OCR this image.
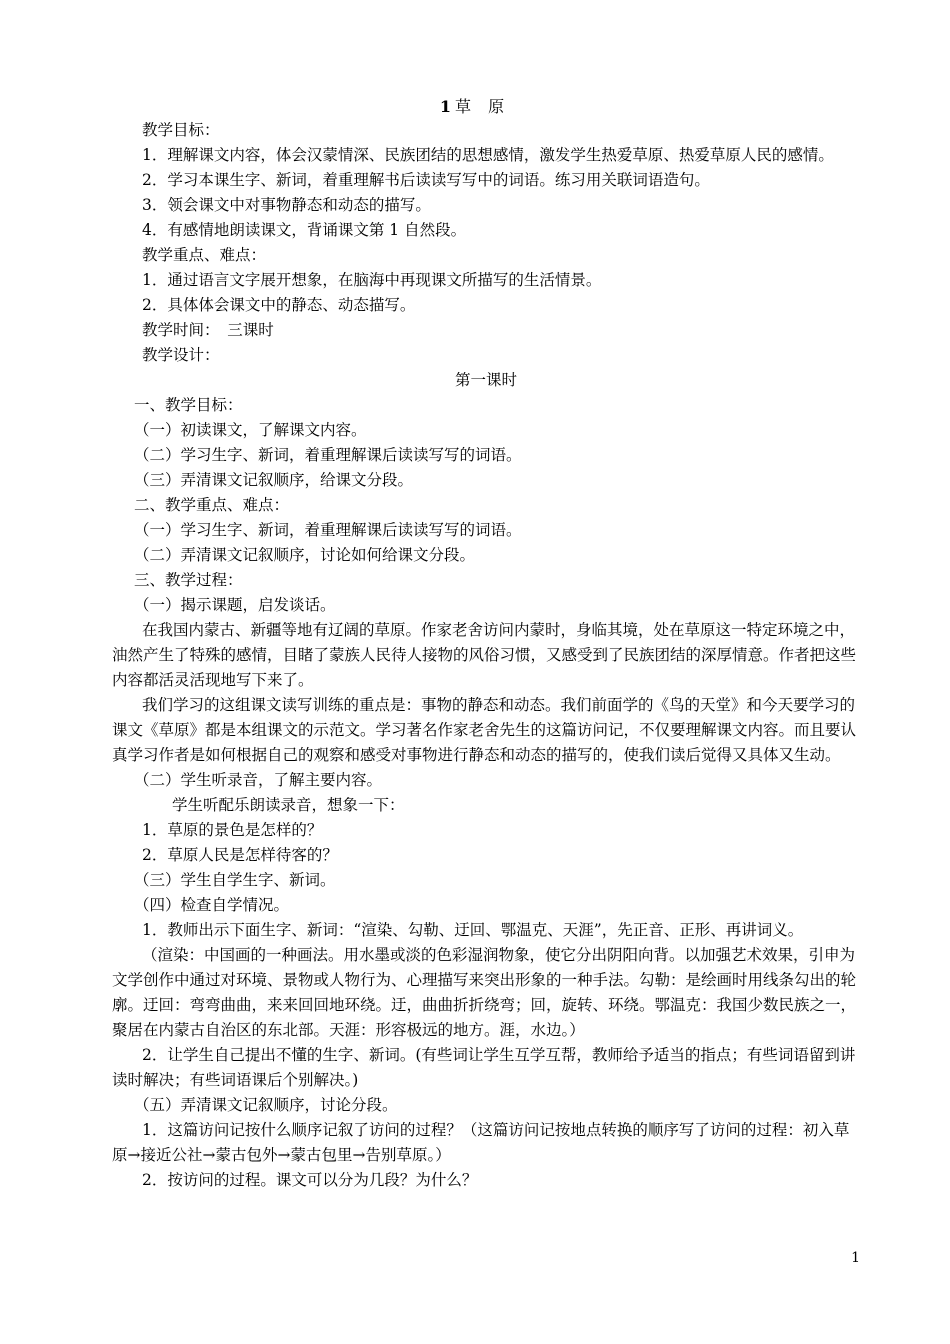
1 草 原

教学目标：

1．理解课文内容，体会汉蒙情深、民族团结的思想感情，激发学生热爱草原、热爱草原人民的感情。

2．学习本课生字、新词，着重理解书后读读写写中的词语。练习用关联词语造句。

3．领会课文中对事物静态和动态的描写。

4．有感情地朗读课文，背诵课文第 1 自然段。

教学重点、难点：

1．通过语言文字展开想象，在脑海中再现课文所描写的生活情景。

2．具体体会课文中的静态、动态描写。

教学时间：　三课时

教学设计：

第一课时

一、教学目标：

（一）初读课文，了解课文内容。

（二）学习生字、新词，着重理解课后读读写写的词语。

（三）弄清课文记叙顺序，给课文分段。

二、教学重点、难点：

（一）学习生字、新词，着重理解课后读读写写的词语。

（二）弄清课文记叙顺序，讨论如何给课文分段。

三、教学过程：

（一）揭示课题，启发谈话。

在我国内蒙古、新疆等地有辽阔的草原。作家老舍访问内蒙时，身临其境，处在草原这一特定环境之中，油然产生了特殊的感情，目睹了蒙族人民待人接物的风俗习惯，又感受到了民族团结的深厚情意。作者把这些内容都活灵活现地写下来了。

我们学习的这组课文读写训练的重点是：事物的静态和动态。我们前面学的《鸟的天堂》和今天要学习的课文《草原》都是本组课文的示范文。学习著名作家老舍先生的这篇访问记，不仅要理解课文内容。而且要认真学习作者是如何根据自己的观察和感受对事物进行静态和动态的描写的，使我们读后觉得又具体又生动。

（二）学生听录音，了解主要内容。

学生听配乐朗读录音，想象一下：

1．草原的景色是怎样的？

2．草原人民是怎样待客的？

（三）学生自学生字、新词。

（四）检查自学情况。

1．教师出示下面生字、新词：“渲染、勾勒、迂回、鄂温克、天涯”，先正音、正形、再讲词义。

（渲染：中国画的一种画法。用水墨或淡的色彩湿润物象，使它分出阴阳向背。以加强艺术效果，引申为文学创作中通过对环境、景物或人物行为、心理描写来突出形象的一种手法。勾勒：是绘画时用线条勾出的轮廓。迂回：弯弯曲曲，来来回回地环绕。迂，曲曲折折绕弯；回，旋转、环绕。鄂温克：我国少数民族之一，聚居在内蒙古自治区的东北部。天涯：形容极远的地方。涯，水边。）

2．让学生自己提出不懂的生字、新词。(有些词让学生互学互帮，教师给予适当的指点；有些词语留到讲读时解决；有些词语课后个别解决。)

（五）弄清课文记叙顺序，讨论分段。

1．这篇访问记按什么顺序记叙了访问的过程？（这篇访问记按地点转换的顺序写了访问的过程：初入草原→接近公社→蒙古包外→蒙古包里→告别草原。）

2．按访问的过程。课文可以分为几段？为什么？

1
